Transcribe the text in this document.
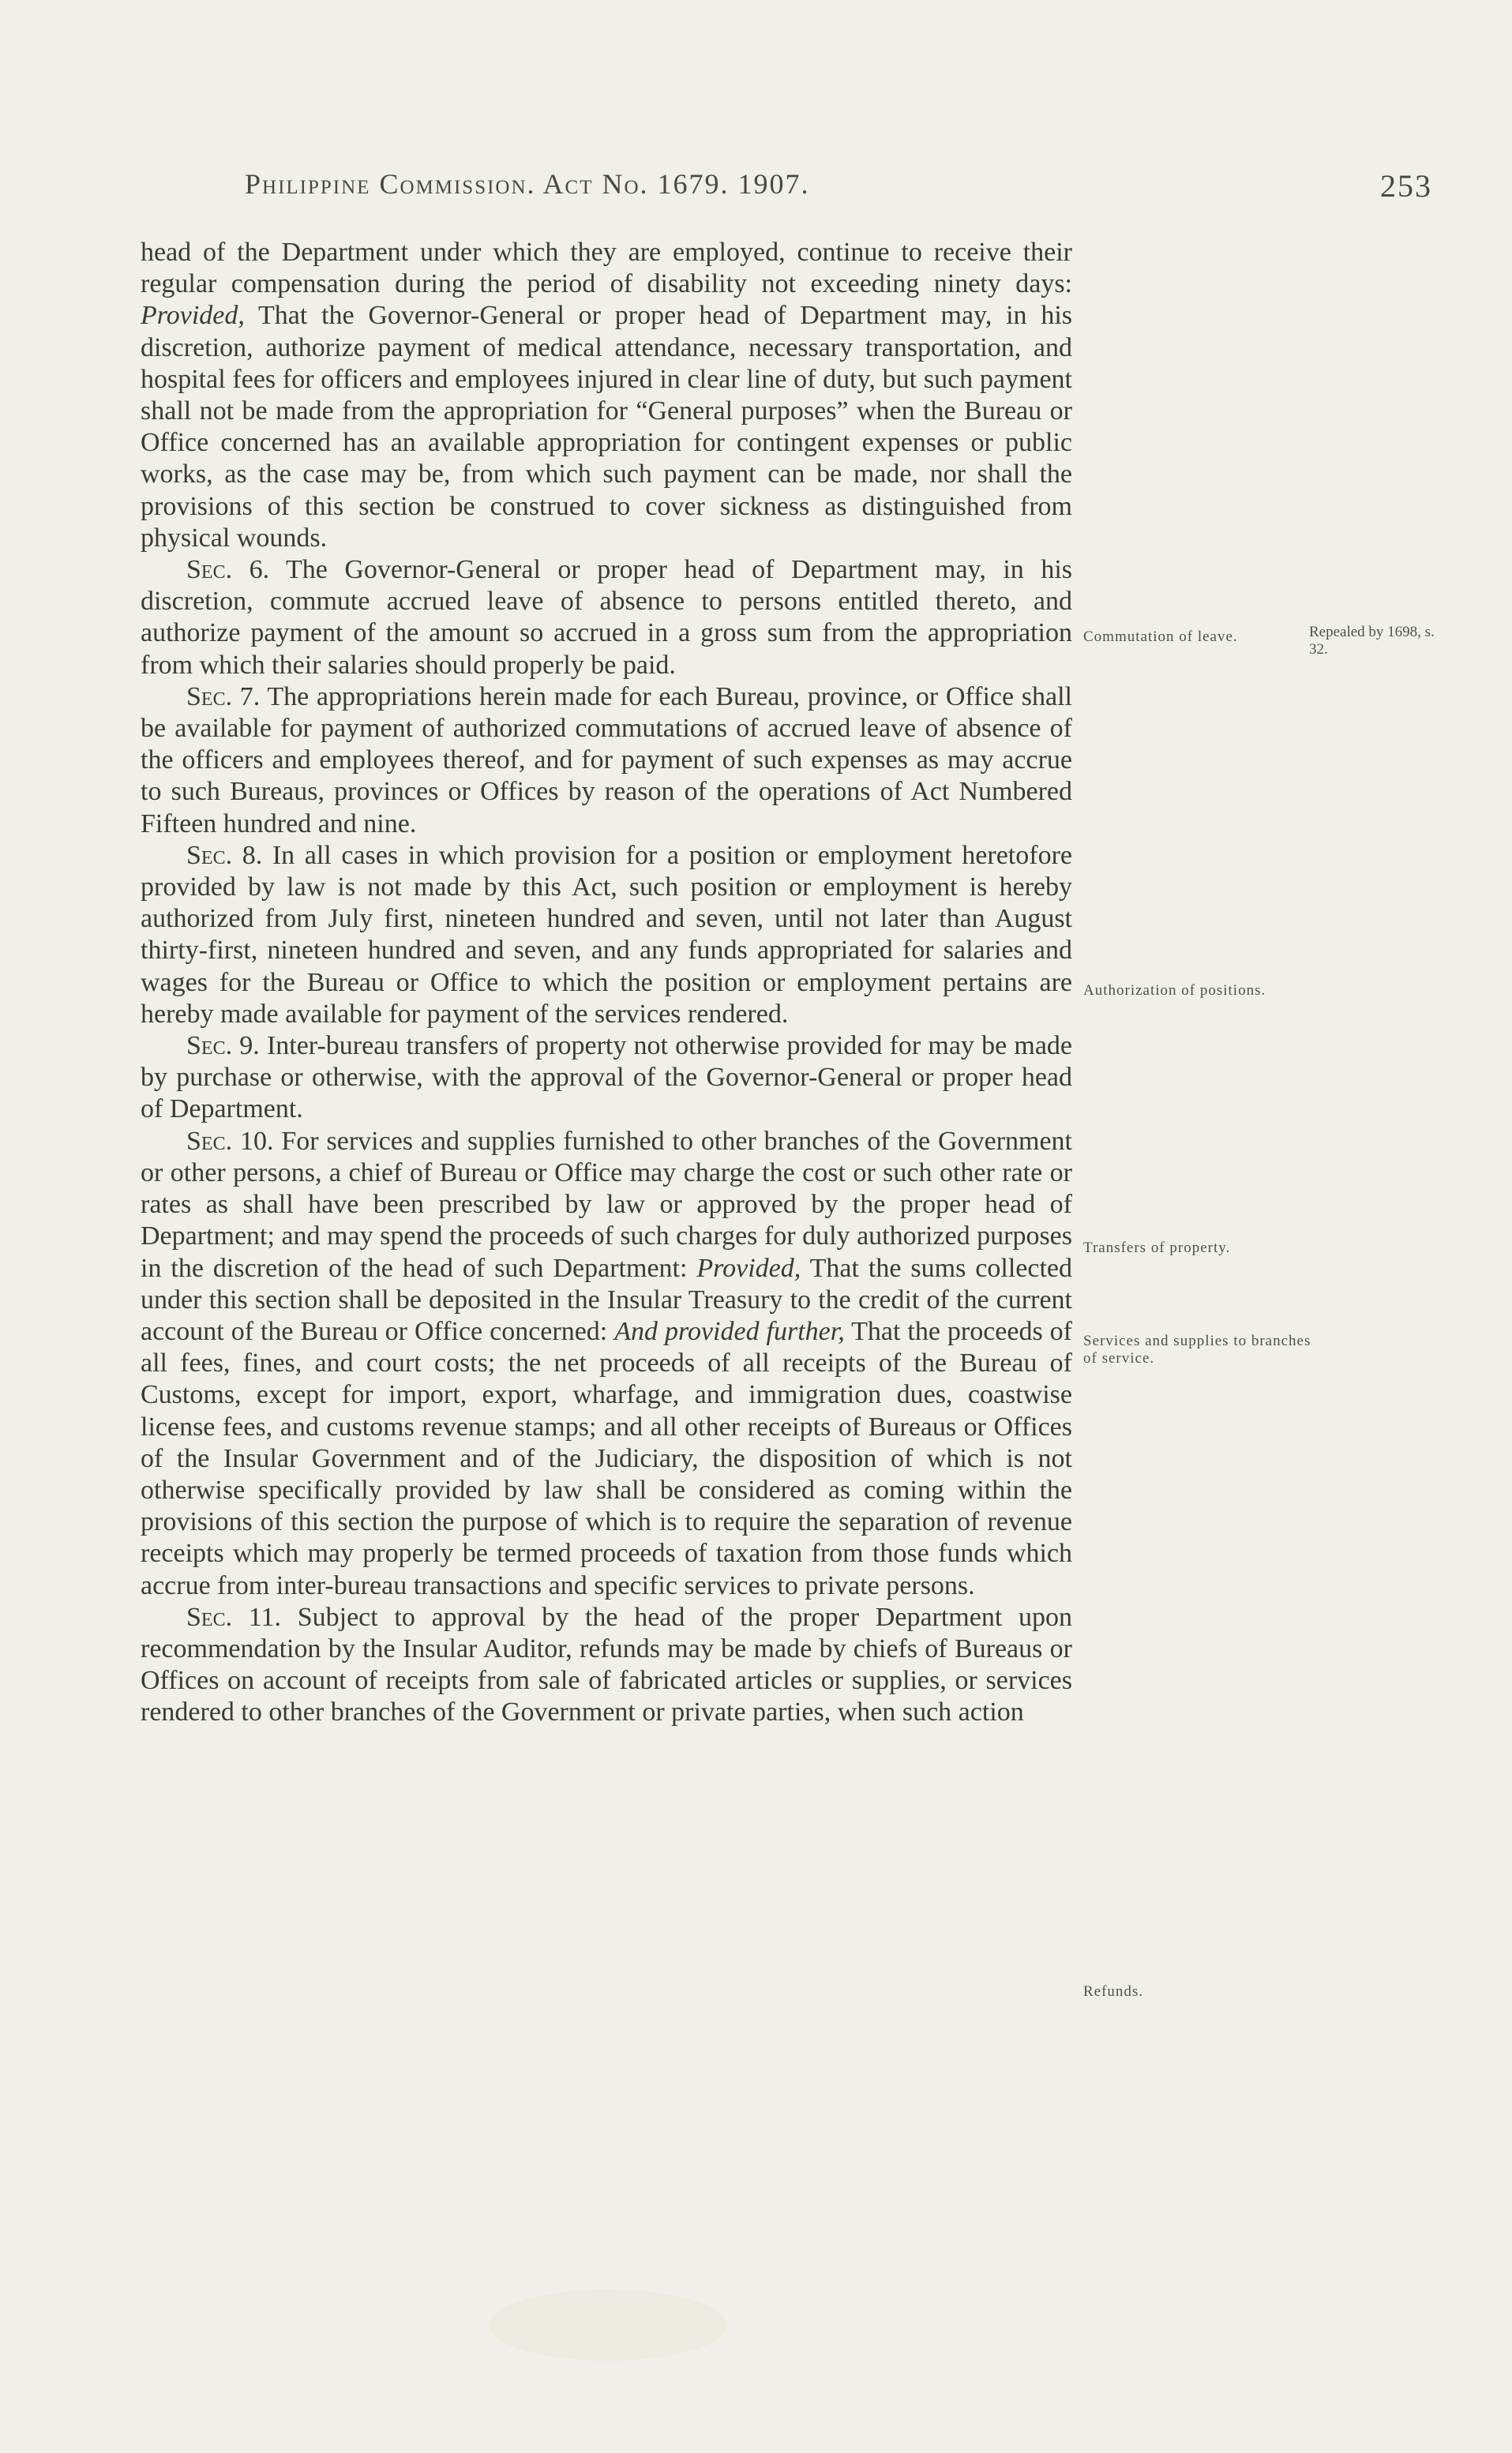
Philippine Commission. Act No. 1679. 1907.	253

head of the Department under which they are employed, continue to receive their regular compensation during the period of disability not exceeding ninety days: Provided, That the Governor-General or proper head of Department may, in his discretion, authorize payment of medical attendance, necessary transportation, and hospital fees for officers and employees injured in clear line of duty, but such payment shall not be made from the appropriation for “General purposes” when the Bureau or Office concerned has an available appropriation for contingent expenses or public works, as the case may be, from which such payment can be made, nor shall the provisions of this section be construed to cover sickness as distinguished from physical wounds.

Sec. 6. The Governor-General or proper head of Department may, in his discretion, commute accrued leave of absence to persons entitled thereto, and authorize payment of the amount so accrued in a gross sum from the appropriation from which their salaries should properly be paid.

Sec. 7. The appropriations herein made for each Bureau, province, or Office shall be available for payment of authorized commutations of accrued leave of absence of the officers and employees thereof, and for payment of such expenses as may accrue to such Bureaus, provinces or Offices by reason of the operations of Act Numbered Fifteen hundred and nine.

Sec. 8. In all cases in which provision for a position or employment heretofore provided by law is not made by this Act, such position or employment is hereby authorized from July first, nineteen hundred and seven, until not later than August thirty-first, nineteen hundred and seven, and any funds appropriated for salaries and wages for the Bureau or Office to which the position or employment pertains are hereby made available for payment of the services rendered.

Sec. 9. Inter-bureau transfers of property not otherwise provided for may be made by purchase or otherwise, with the approval of the Governor-General or proper head of Department.

Sec. 10. For services and supplies furnished to other branches of the Government or other persons, a chief of Bureau or Office may charge the cost or such other rate or rates as shall have been prescribed by law or approved by the proper head of Department; and may spend the proceeds of such charges for duly authorized purposes in the discretion of the head of such Department: Provided, That the sums collected under this section shall be deposited in the Insular Treasury to the credit of the current account of the Bureau or Office concerned: And provided further, That the proceeds of all fees, fines, and court costs; the net proceeds of all receipts of the Bureau of Customs, except for import, export, wharfage, and immigration dues, coastwise license fees, and customs revenue stamps; and all other receipts of Bureaus or Offices of the Insular Government and of the Judiciary, the disposition of which is not otherwise specifically provided by law shall be considered as coming within the provisions of this section the purpose of which is to require the separation of revenue receipts which may properly be termed proceeds of taxation from those funds which accrue from inter-bureau transactions and specific services to private persons.

Sec. 11. Subject to approval by the head of the proper Department upon recommendation by the Insular Auditor, refunds may be made by chiefs of Bureaus or Offices on account of receipts from sale of fabricated articles or supplies, or services rendered to other branches of the Government or private parties, when such action

Commutation of leave.	Repealed by 1698, s. 32.
Authorization of positions.
Transfers of property.
Services and supplies to branches of service.
Refunds.
